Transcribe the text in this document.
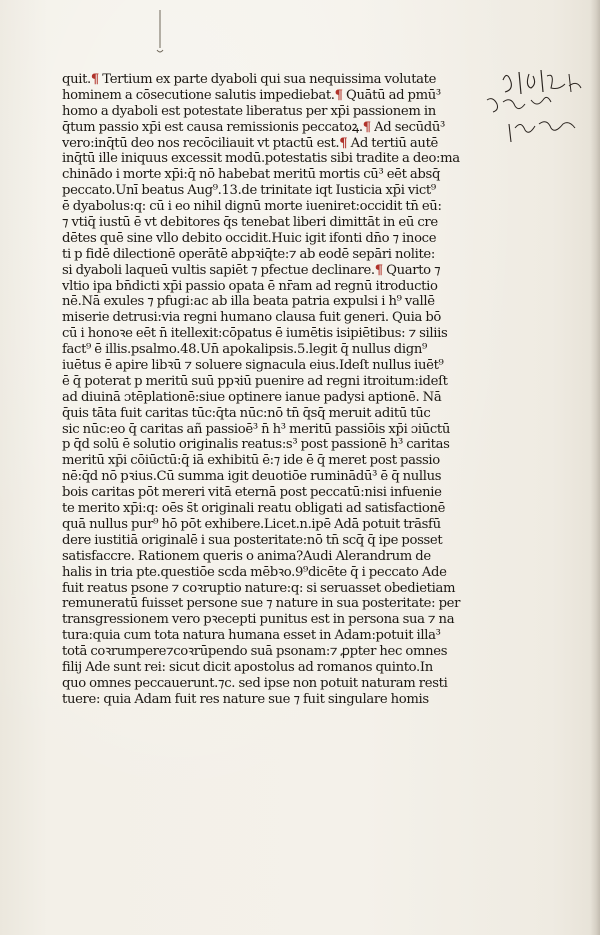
quit.¶ Tertium ex parte dyaboli qui sua nequissima volutate
hominem a cōsecutione salutis impediebat.¶ Quātū ad pmū³
homo a dyaboli est potestate liberatus per xp̄i passionem in
q̄tum passio xp̄i est causa remissionis peccatoꝝ.¶ Ad secūdū³
vero:inq̄tū deo nos recōciliauit vt ptactū est.¶ Ad tertiū autē
inq̄tū ille iniquus excessit modū.potestatis sibi tradite a deo:ma
chinādo i morte xp̄i:q̄ nō habebat meritū mortis cū³ eēt absq̄
peccato.Unī beatus Aug⁹.13.de trinitate iqt Iusticia xp̄i vict⁹
ē dyabolus:q: cū i eo nihil dignū morte iueniret:occidit tn̄ eū:
⁊ vtiq̄ iustū ē vt debitores q̄s tenebat liberi dimittāt̄ in eū cre
dētes quē sine vllo debito occidit.Huic igit̄ ifonti dn̄o ⁊ inoce
ti p fidē dilectionē operātē ab̄pꝛiq̄te:⁊ ab eodē sepāri nolite:
si dyaboli laqueū vultis sapiēt ⁊ pfectue declinare.¶ Quarto ⁊
vltio ipa bn̄dicti xp̄i passio opata ē nr̄am ad regnū itroductio
nē.Nā exules ⁊ pfugi:ac ab illa beata patria expulsi i h⁹ vallē
miserie detrusi:via regni humano clausa fuit generi. Quia bō
cū i honoꝛe eēt n̄ itellexit:cōpatus ē iumētis isipiētibus: ⁊ siliis
fact⁹ ē illis.psalmo.48.Un̄ apokalipsis.5.legit̄ q̄ nullus dign⁹
iuētus ē apire libꝛū ⁊ soluere signacula eius.Ideſt nullus iuēt⁹
ē q̄ poterat p meritū suū ppꝛiū puenire ad regni itroitum:ideſt
ad diuinā ɔtēplationē:siue optinere ianue padysi aptionē. Nā
q̄uis tāta fuit caritas tūc:q̄ta nūc:nō tn̄ q̄sq̄ meruit aditū tūc
sic nūc:eo q̄ caritas añ passioē³ n̄ h³ meritū passiōis xp̄i ɔiūctū
p q̄d solū ē solutio originalis reatus:s³ post passionē h³ caritas
meritū xp̄i cōiūctū:q̄ iā exhibitū ē:⁊ ide ē q̄ meret̄ post passio
nē:q̄d nō pꝛius.Cū summa igit̄ deuotiōe rumināḋū³ ē q̄ nullus
bois caritas pōt mereri vitā eternā post peccatū:nisi infuenie
te merito xp̄i:q: oēs s̄t originali reatu obligati ad satisfactionē
quā nullus pur⁹ hō pōt exhibere.Licet.n.ipē Adā potuit trāsfū
dere iustitiā originalē i sua posteritate:nō tn̄ scq̄ q̄ ipe posset
satisfaccre. Rationem queris o anima?Audi Alerandrum de
halis in tria pte.questiōe scda mēbꝛo.9⁹dicēte q̄ i peccato Ade
fuit reatus psone ⁊ coꝛruptio nature:q: si seruasset obedietiam
remuneratū fuisset persone sue ⁊ nature in sua posteritate: per
transgressionem vero pꝛecepti punitus est in persona sua ⁊ na
tura:quia cum tota natura humana esset in Adam:potuit illa³
totā coꝛrumpere⁊coꝛrūpendo suā psonam:⁊ ꝓpter hec omnes
filij Ade sunt rei: sicut dicit apostolus ad romanos quinto.In
quo omnes peccauerunt.⁊c. sed ipse non potuit naturam resti
tuere: quia Adam fuit res nature sue ⁊ fuit singulare homis
